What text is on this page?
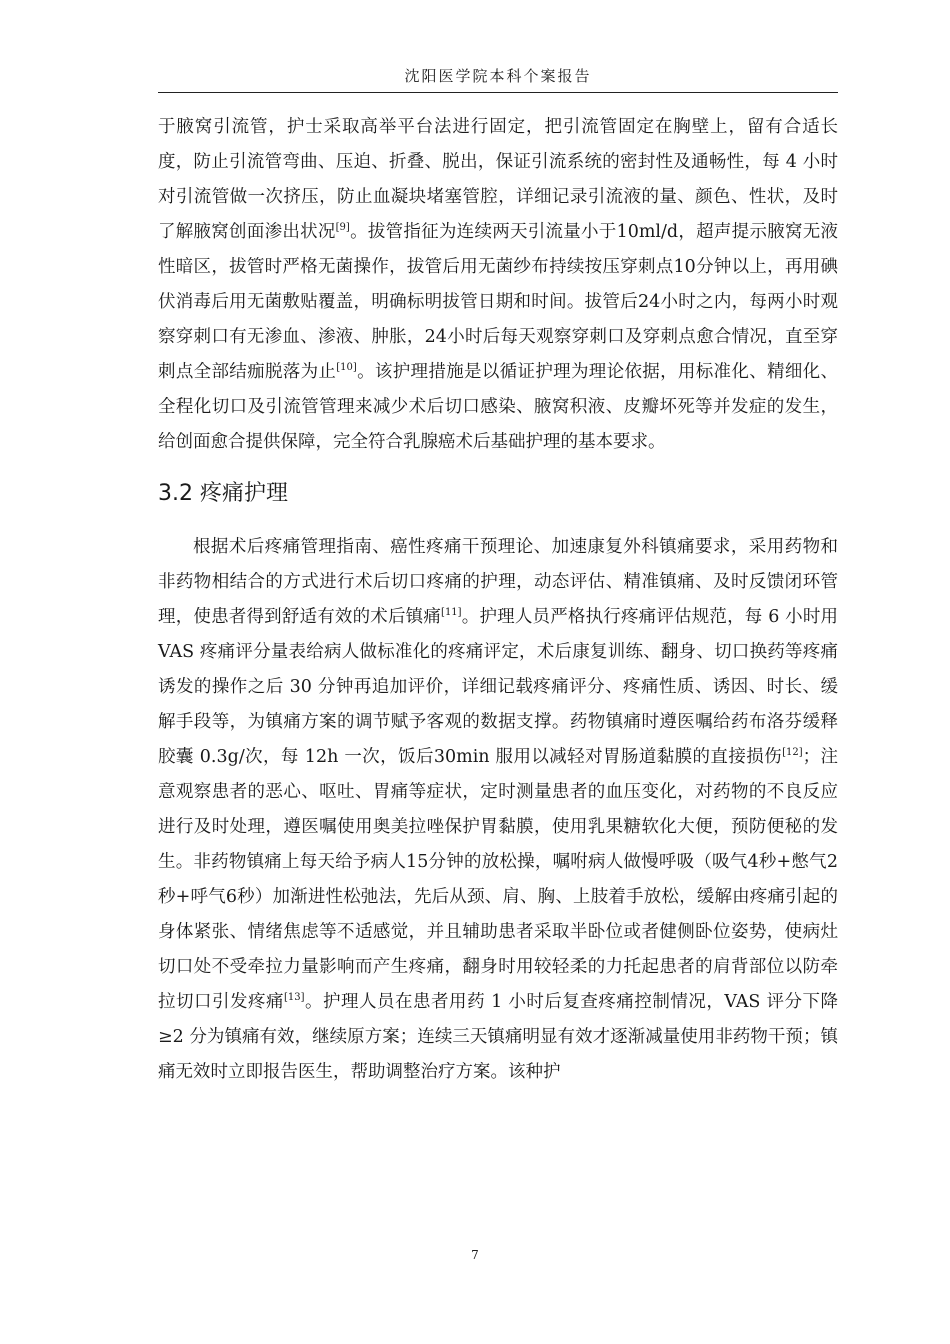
沈阳医学院本科个案报告

于腋窝引流管，护士采取高举平台法进行固定，把引流管固定在胸壁上，留有合适长度，防止引流管弯曲、压迫、折叠、脱出，保证引流系统的密封性及通畅性，每 4 小时对引流管做一次挤压，防止血凝块堵塞管腔，详细记录引流液的量、颜色、性状，及时了解腋窝创面渗出状况[9]。拔管指征为连续两天引流量小于10ml/d，超声提示腋窝无液性暗区，拔管时严格无菌操作，拔管后用无菌纱布持续按压穿刺点10分钟以上，再用碘伏消毒后用无菌敷贴覆盖，明确标明拔管日期和时间。拔管后24小时之内，每两小时观察穿刺口有无渗血、渗液、肿胀，24小时后每天观察穿刺口及穿刺点愈合情况，直至穿刺点全部结痂脱落为止[10]。该护理措施是以循证护理为理论依据，用标准化、精细化、全程化切口及引流管管理来减少术后切口感染、腋窝积液、皮瓣坏死等并发症的发生，给创面愈合提供保障，完全符合乳腺癌术后基础护理的基本要求。

3.2 疼痛护理

根据术后疼痛管理指南、癌性疼痛干预理论、加速康复外科镇痛要求，采用药物和非药物相结合的方式进行术后切口疼痛的护理，动态评估、精准镇痛、及时反馈闭环管理，使患者得到舒适有效的术后镇痛[11]。护理人员严格执行疼痛评估规范，每 6 小时用 VAS 疼痛评分量表给病人做标准化的疼痛评定，术后康复训练、翻身、切口换药等疼痛诱发的操作之后 30 分钟再追加评价，详细记载疼痛评分、疼痛性质、诱因、时长、缓解手段等，为镇痛方案的调节赋予客观的数据支撑。药物镇痛时遵医嘱给药布洛芬缓释胶囊 0.3g/次，每 12h 一次，饭后30min 服用以减轻对胃肠道黏膜的直接损伤[12]；注意观察患者的恶心、呕吐、胃痛等症状，定时测量患者的血压变化，对药物的不良反应进行及时处理，遵医嘱使用奥美拉唑保护胃黏膜，使用乳果糖软化大便，预防便秘的发生。非药物镇痛上每天给予病人15分钟的放松操，嘱咐病人做慢呼吸（吸气4秒+憋气2秒+呼气6秒）加渐进性松弛法，先后从颈、肩、胸、上肢着手放松，缓解由疼痛引起的身体紧张、情绪焦虑等不适感觉，并且辅助患者采取半卧位或者健侧卧位姿势，使病灶切口处不受牵拉力量影响而产生疼痛，翻身时用较轻柔的力托起患者的肩背部位以防牵拉切口引发疼痛[13]。护理人员在患者用药 1 小时后复查疼痛控制情况，VAS 评分下降≥2 分为镇痛有效，继续原方案；连续三天镇痛明显有效才逐渐减量使用非药物干预；镇痛无效时立即报告医生，帮助调整治疗方案。该种护

7
